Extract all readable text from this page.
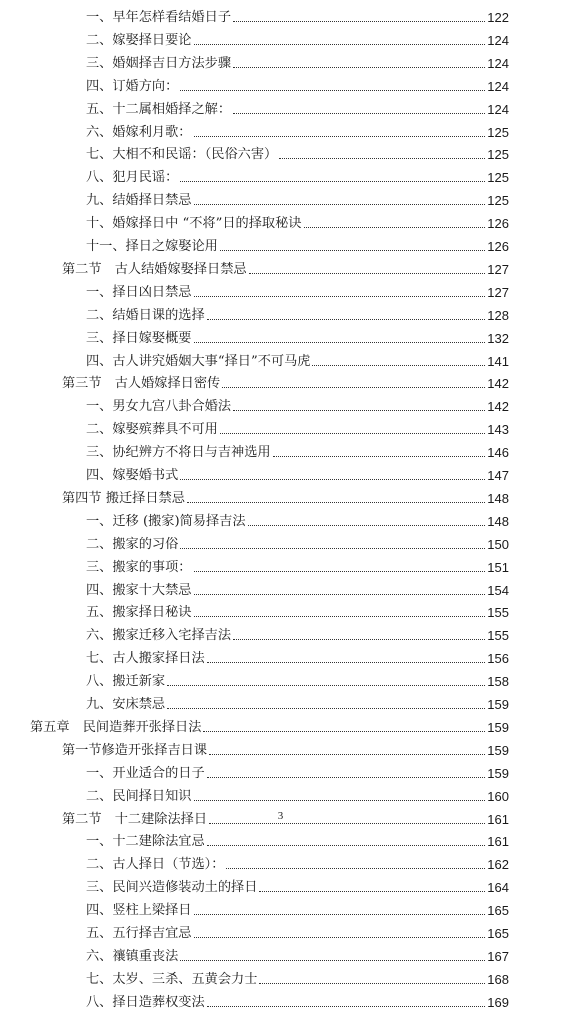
一、早年怎样看结婚日子	122
二、嫁娶择日要论	124
三、婚姻择吉日方法步骤	124
四、订婚方向：	124
五、十二属相婚择之解：	124
六、婚嫁利月歌：	125
七、大相不和民谣：（民俗六害）	125
八、犯月民谣：	125
九、结婚择日禁忌	125
十、婚嫁择日中 “不将”日的择取秘诀	126
十一、择日之嫁娶论用	126
第二节　古人结婚嫁娶择日禁忌	127
一、择日凶日禁忌	127
二、结婚日课的选择	128
三、择日嫁娶概要	132
四、古人讲究婚姻大事“择日”不可马虎	141
第三节　古人婚嫁择日密传	142
一、男女九宫八卦合婚法	142
二、嫁娶殡葬具不可用	143
三、协纪辨方不将日与吉神选用	146
四、嫁娶婚书式	147
第四节 搬迁择日禁忌	148
一、迁移 (搬家)简易择吉法	148
二、搬家的习俗	150
三、搬家的事项：	151
四、搬家十大禁忌	154
五、搬家择日秘诀	155
六、搬家迁移入宅择吉法	155
七、古人搬家择日法	156
八、搬迁新家	158
九、安床禁忌	159
第五章　民间造葬开张择日法	159
第一节修造开张择吉日课	159
一、开业适合的日子	159
二、民间择日知识	160
第二节　十二建除法择日	161
一、十二建除法宜忌	161
二、古人择日（节选）：	162
三、民间兴造修装动土的择日	164
四、竖柱上梁择日	165
五、五行择吉宜忌	165
六、禳镇重丧法	167
七、太岁、三杀、五黄会力士	168
八、择日造葬权变法	169
3
